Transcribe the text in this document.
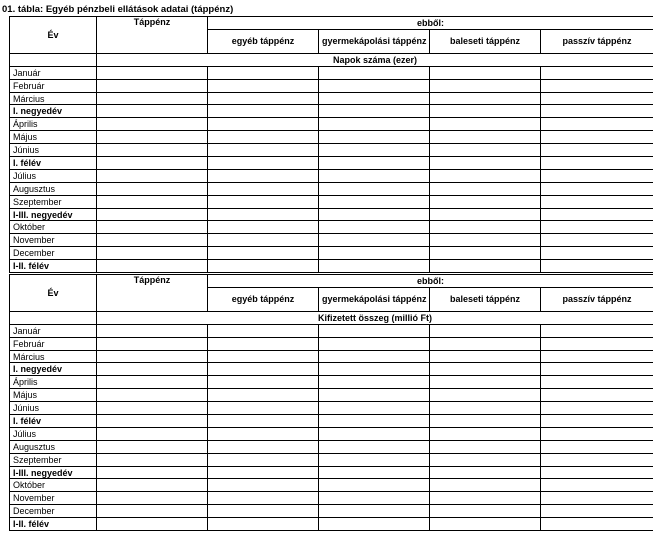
01. tábla: Egyéb pénzbeli ellátások adatai (táppénz)
Év	Táppénz	ebből:			
		egyéb táppénz	gyermekápolási táppénz	baleseti táppénz	passzív táppénz
	Napok száma (ezer)				
Január					
Február					
Március					
I. negyedév					
Április					
Május					
Június					
I. félév					
Július					
Augusztus					
Szeptember					
I-III. negyedév					
Október					
November					
December					
I-II. félév					
Év	Táppénz	ebből:			
		egyéb táppénz	gyermekápolási táppénz	baleseti táppénz	passzív táppénz
	Kifizetett összeg (millió Ft)				
Január					
Február					
Március					
I. negyedév					
Április					
Május					
Június					
I. félév					
Július					
Augusztus					
Szeptember					
I-III. negyedév					
Október					
November					
December					
I-II. félév					
